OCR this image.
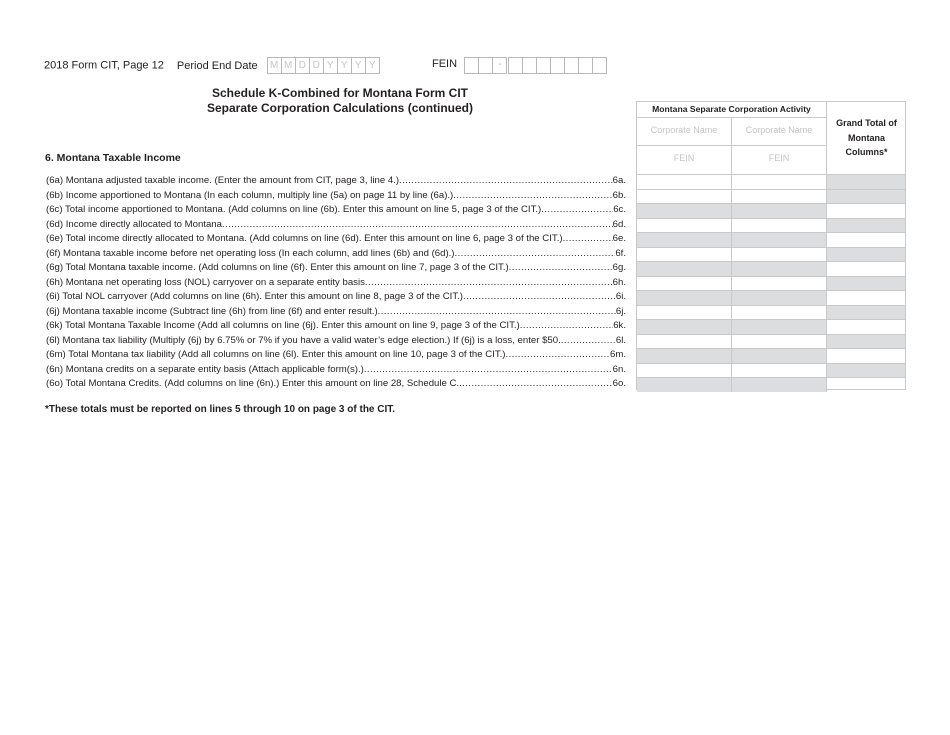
2018 Form CIT, Page 12 Period End Date M M D D Y Y Y Y	FEIN	-
Schedule K-Combined for Montana Form CIT
Separate Corporation Calculations (continued)
6. Montana Taxable Income
(6a) Montana adjusted taxable income. (Enter the amount from CIT, page 3, line 4.) .....	6a.
(6b) Income apportioned to Montana (In each column, multiply line (5a) on page 11 by line (6a).) .....	6b.
(6c) Total income apportioned to Montana. (Add columns on line (6b). Enter this amount on line 5, page 3 of the CIT.) .....	6c.
(6d) Income directly allocated to Montana .....	6d.
(6e) Total income directly allocated to Montana. (Add columns on line (6d). Enter this amount on line 6, page 3 of the CIT.) .....	6e.
(6f) Montana taxable income before net operating loss (In each column, add lines (6b) and (6d).) .....	6f.
(6g) Total Montana taxable income. (Add columns on line (6f). Enter this amount on line 7, page 3 of the CIT.) .....	6g.
(6h) Montana net operating loss (NOL) carryover on a separate entity basis .....	6h.
(6i) Total NOL carryover (Add columns on line (6h). Enter this amount on line 8, page 3 of the CIT.) .....	6i.
(6j) Montana taxable income (Subtract line (6h) from line (6f) and enter result.) .....	6j.
(6k) Total Montana Taxable Income (Add all columns on line (6j). Enter this amount on line 9, page 3 of the CIT.) .....	6k.
(6l) Montana tax liability (Multiply (6j) by 6.75% or 7% if you have a valid water’s edge election.) If (6j) is a loss, enter $50. .....	6l.
(6m) Total Montana tax liability (Add all columns on line (6l). Enter this amount on line 10, page 3 of the CIT.) .....	6m.
(6n) Montana credits on a separate entity basis (Attach applicable form(s).) .....	6n.
(6o) Total Montana Credits. (Add columns on line (6n).) Enter this amount on line 28, Schedule C. .....	6o.
Montana Separate Corporation Activity
Corporate Name	Corporate Name
FEIN	FEIN
Grand Total of Montana Columns*
*These totals must be reported on lines 5 through 10 on page 3 of the CIT.
